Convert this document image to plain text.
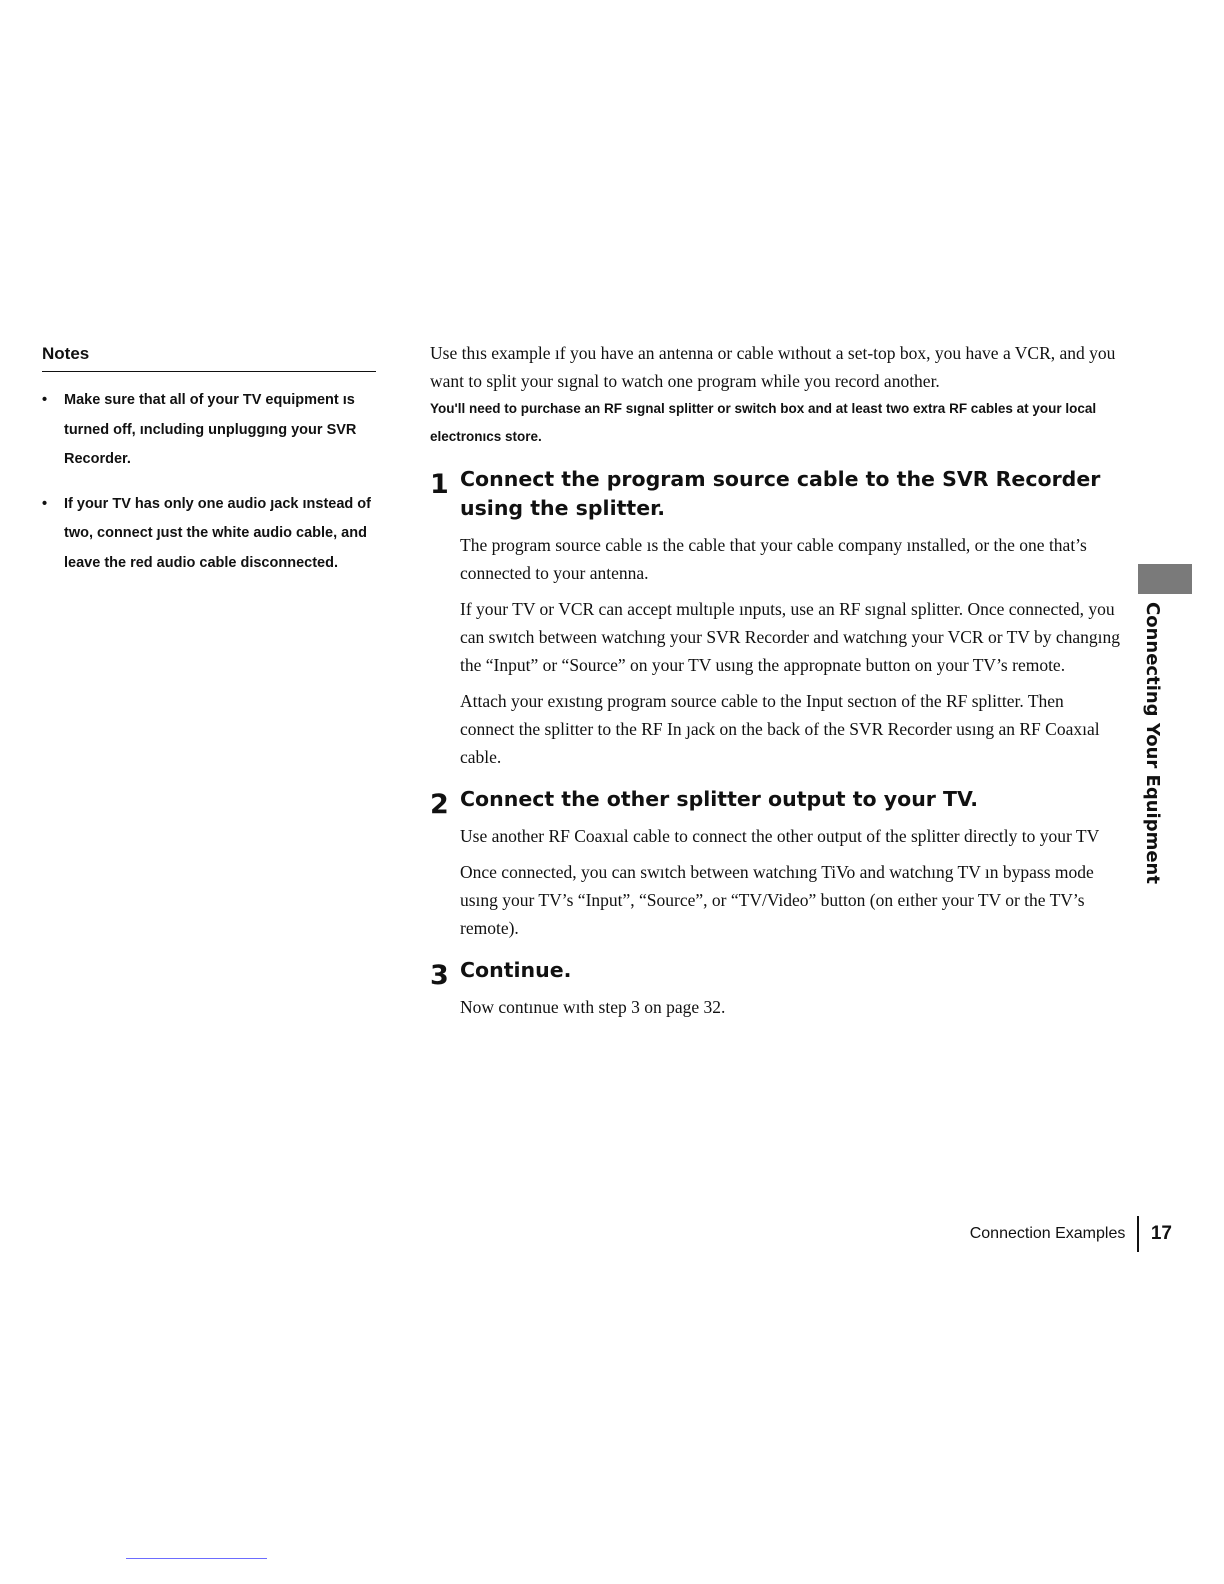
Notes
• Make sure that all of your TV equipment ıs turned off, ıncluding unpluggıng your SVR Recorder.
• If your TV has only one audio ȷack ınstead of two, connect ȷust the white audio cable, and leave the red audio cable disconnected.

Use thıs example ıf you have an antenna or cable wıthout a set-top box, you have a VCR, and you want to split your sıgnal to watch one program while you record another.

You'll need to purchase an RF sıgnal splitter or switch box and at least two extra RF cables at your local electronıcs store.

1 Connect the program source cable to the SVR Recorder using the splitter.

The program source cable ıs the cable that your cable company ınstalled, or the one that’s connected to your antenna.

If your TV or VCR can accept multıple ınputs, use an RF sıgnal splitter. Once connected, you can swıtch between watchıng your SVR Recorder and watchıng your VCR or TV by changıng the “Input” or “Source” on your TV usıng the appropnate button on your TV’s remote.

Attach your exıstıng program source cable to the Input sectıon of the RF splitter. Then connect the splitter to the RF In ȷack on the back of the SVR Recorder usıng an RF Coaxıal cable.

2 Connect the other splitter output to your TV.

Use another RF Coaxıal cable to connect the other output of the splitter directly to your TV

Once connected, you can swıtch between watchıng TiVo and watchıng TV ın bypass mode usıng your TV’s “Input”, “Source”, or “TV/Video” button (on eıther your TV or the TV’s remote).

3 Continue.

Now contınue wıth step 3 on page 32.

Connecting Your Equipment
Connection Examples 17
